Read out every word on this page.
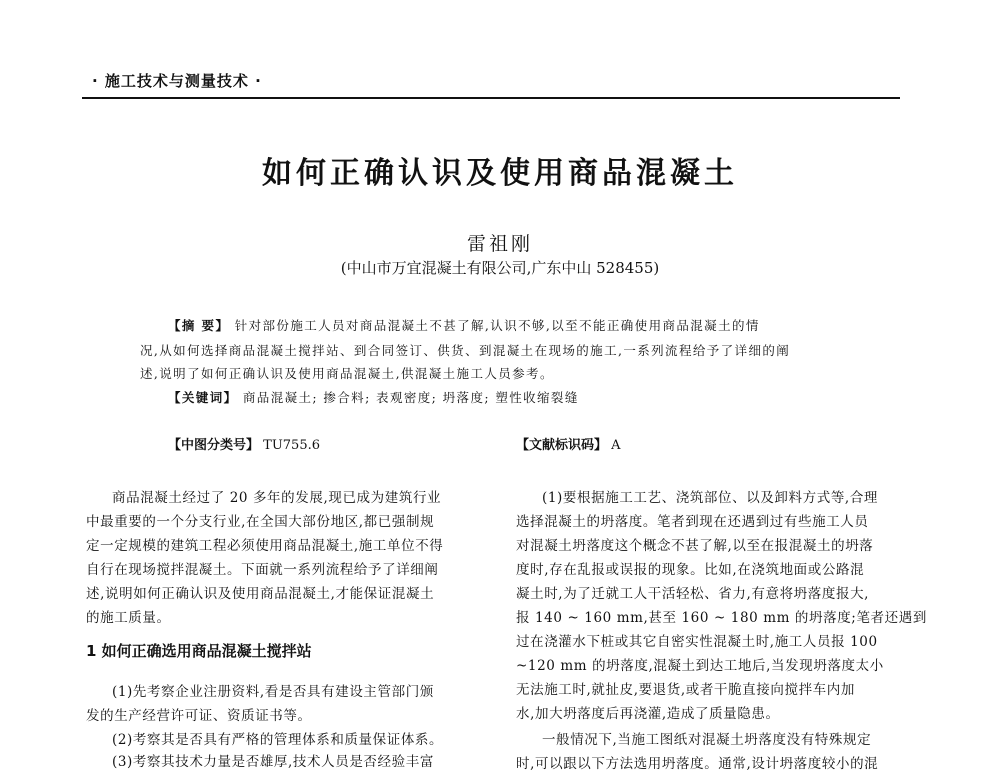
· 施工技术与测量技术 ·
如何正确认识及使用商品混凝土
雷祖刚
(中山市万宜混凝土有限公司,广东中山 528455)
【摘 要】 针对部份施工人员对商品混凝土不甚了解,认识不够,以至不能正确使用商品混凝土的情
况,从如何选择商品混凝土搅拌站、到合同签订、供货、到混凝土在现场的施工,一系列流程给予了详细的阐
述,说明了如何正确认识及使用商品混凝土,供混凝土施工人员参考。
【关键词】 商品混凝土; 掺合料; 表观密度; 坍落度; 塑性收缩裂缝
【中图分类号】 TU755.6	【文献标识码】 A
商品混凝土经过了 20 多年的发展,现已成为建筑行业
中最重要的一个分支行业,在全国大部份地区,都已强制规
定一定规模的建筑工程必须使用商品混凝土,施工单位不得
自行在现场搅拌混凝土。下面就一系列流程给予了详细阐
述,说明如何正确认识及使用商品混凝土,才能保证混凝土
的施工质量。
1 如何正确选用商品混凝土搅拌站
(1)先考察企业注册资料,看是否具有建设主管部门颁
发的生产经营许可证、资质证书等。
(2)考察其是否具有严格的管理体系和质量保证体系。
(3)考察其技术力量是否雄厚,技术人员是否经验丰富
(1)要根据施工工艺、浇筑部位、以及卸料方式等,合理
选择混凝土的坍落度。笔者到现在还遇到过有些施工人员
对混凝土坍落度这个概念不甚了解,以至在报混凝土的坍落
度时,存在乱报或误报的现象。比如,在浇筑地面或公路混
凝土时,为了迁就工人干活轻松、省力,有意将坍落度报大,
报 140 ~ 160 mm,甚至 160 ~ 180 mm 的坍落度;笔者还遇到
过在浇灌水下桩或其它自密实性混凝土时,施工人员报 100
~120 mm 的坍落度,混凝土到达工地后,当发现坍落度太小
无法施工时,就扯皮,要退货,或者干脆直接向搅拌车内加
水,加大坍落度后再浇灌,造成了质量隐患。
一般情况下,当施工图纸对混凝土坍落度没有特殊规定
时,可以跟以下方法选用坍落度。通常,设计坍落度较小的混
